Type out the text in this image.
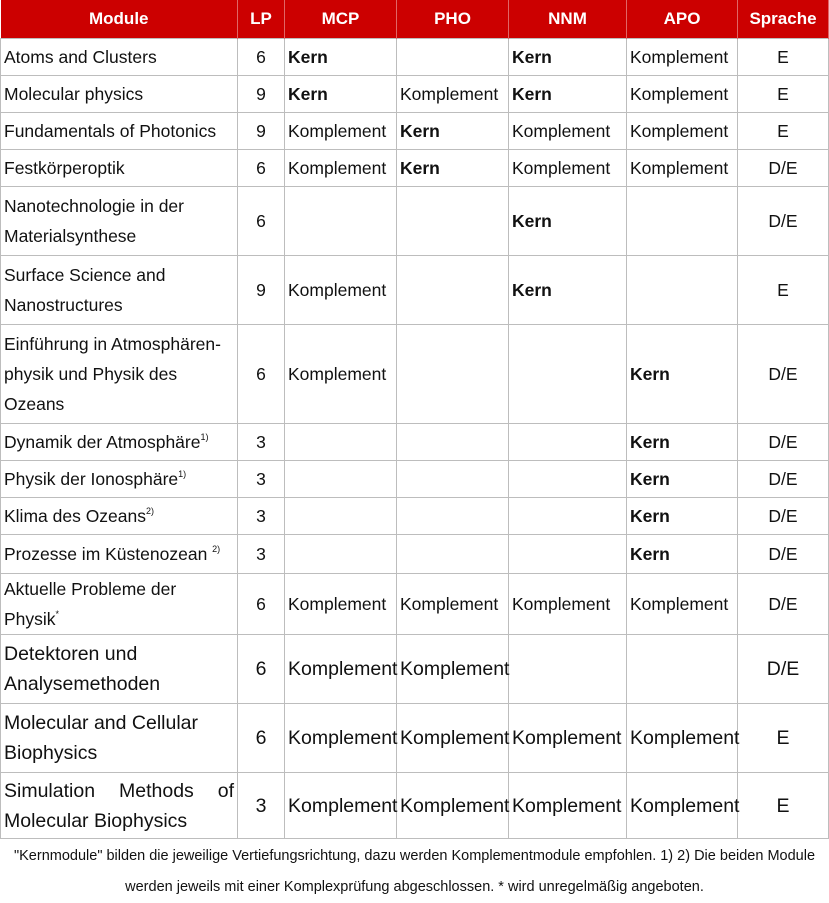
Module	LP	MCP	PHO	NNM	APO	Sprache
Atoms and Clusters	6	Kern		Kern	Komplement	E
Molecular physics	9	Kern	Komplement	Kern	Komplement	E
Fundamentals of Photonics	9	Komplement	Kern	Komplement	Komplement	E
Festkörperoptik	6	Komplement	Kern	Komplement	Komplement	D/E
Nanotechnologie in der Materialsynthese	6			Kern		D/E
Surface Science and Nanostructures	9	Komplement		Kern		E
Einführung in Atmosphären-physik und Physik des Ozeans	6	Komplement			Kern	D/E
Dynamik der Atmosphäre$^{1)}$	3				Kern	D/E
Physik der Ionosphäre$^{1)}$	3				Kern	D/E
Klima des Ozeans$^{2)}$	3				Kern	D/E
Prozesse im Küstenozean $^{2)}$	3				Kern	D/E
Aktuelle Probleme der Physik*	6	Komplement	Komplement	Komplement	Komplement	D/E
Detektoren und Analysemethoden	6	Komplement	Komplement			D/E
Molecular and Cellular Biophysics	6	Komplement	Komplement	Komplement	Komplement	E
Simulation Methods of Molecular Biophysics	3	Komplement	Komplement	Komplement	Komplement	E
"Kernmodule" bilden die jeweilige Vertiefungsrichtung, dazu werden Komplementmodule empfohlen. 1) 2) Die beiden Module
werden jeweils mit einer Komplexprüfung abgeschlossen. * wird unregelmäßig angeboten.
